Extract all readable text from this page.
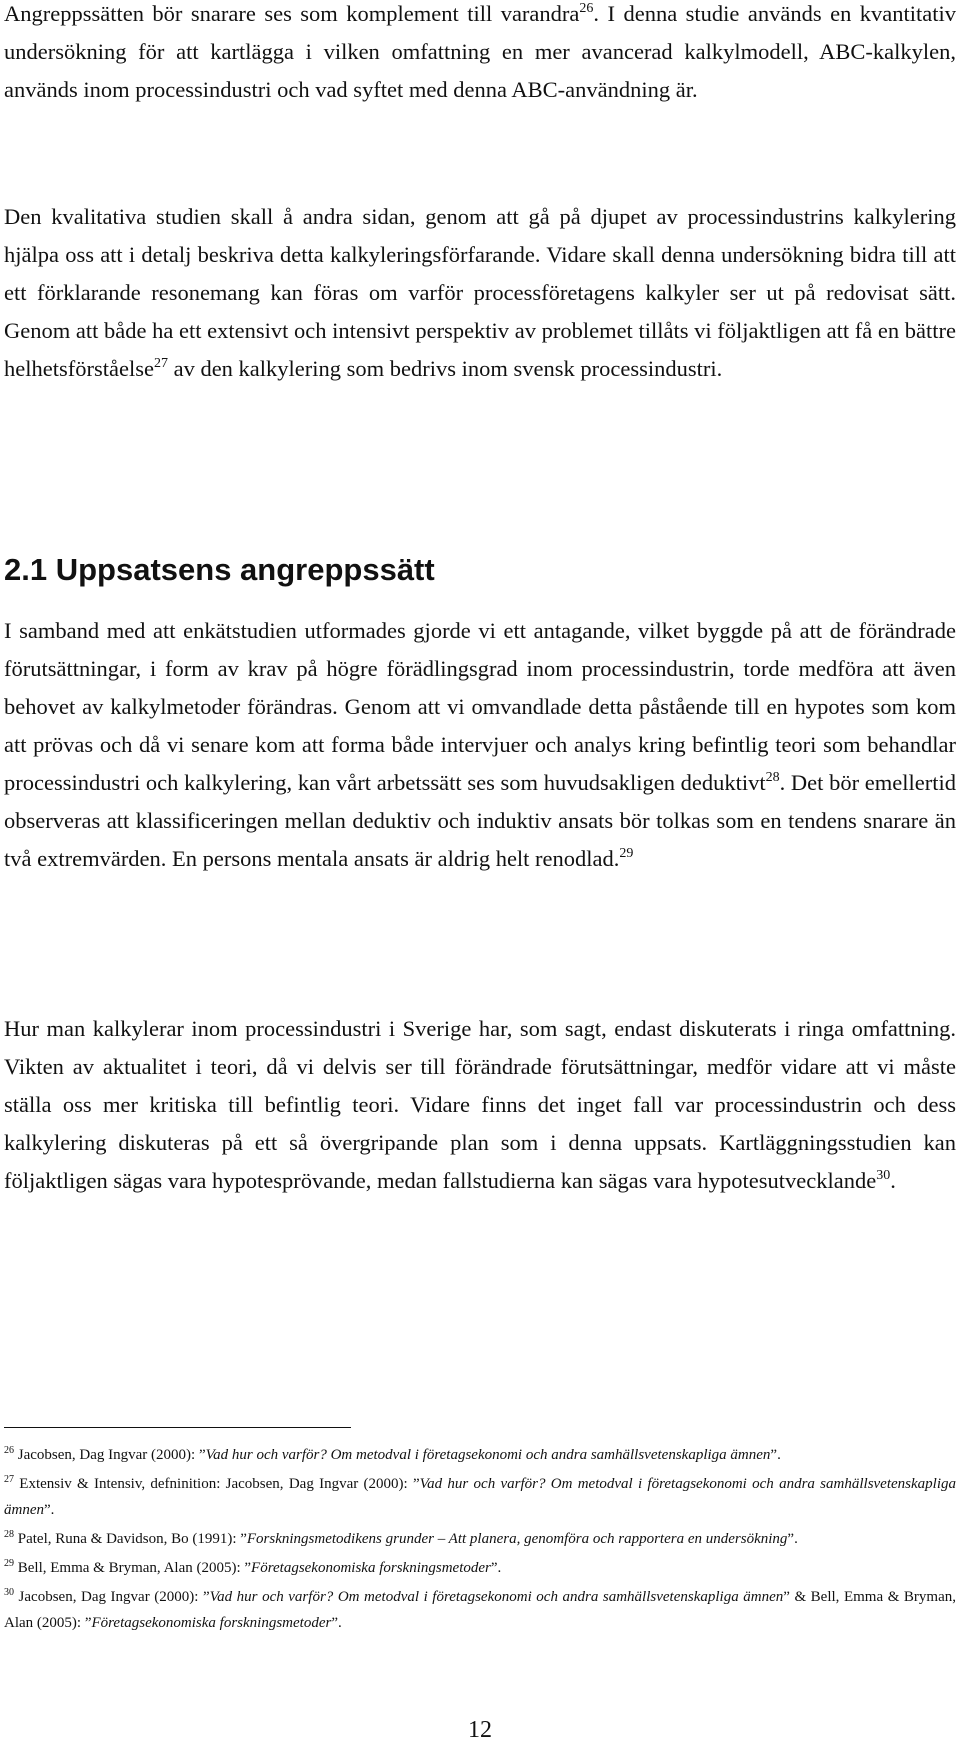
Angreppssätten bör snarare ses som komplement till varandra$^{26}$. I denna studie används en kvantitativ undersökning för att kartlägga i vilken omfattning en mer avancerad kalkylmodell, ABC-kalkylen, används inom processindustri och vad syftet med denna ABC-användning är.

Den kvalitativa studien skall å andra sidan, genom att gå på djupet av processindustrins kalkylering hjälpa oss att i detalj beskriva detta kalkyleringsförfarande. Vidare skall denna undersökning bidra till att ett förklarande resonemang kan föras om varför processföretagens kalkyler ser ut på redovisat sätt. Genom att både ha ett extensivt och intensivt perspektiv av problemet tillåts vi följaktligen att få en bättre helhetsförståelse$^{27}$ av den kalkylering som bedrivs inom svensk processindustri.

2.1 Uppsatsens angreppssätt

I samband med att enkätstudien utformades gjorde vi ett antagande, vilket byggde på att de förändrade förutsättningar, i form av krav på högre förädlingsgrad inom processindustrin, torde medföra att även behovet av kalkylmetoder förändras. Genom att vi omvandlade detta påstående till en hypotes som kom att prövas och då vi senare kom att forma både intervjuer och analys kring befintlig teori som behandlar processindustri och kalkylering, kan vårt arbetssätt ses som huvudsakligen deduktivt$^{28}$. Det bör emellertid observeras att klassificeringen mellan deduktiv och induktiv ansats bör tolkas som en tendens snarare än två extremvärden. En persons mentala ansats är aldrig helt renodlad.$^{29}$

Hur man kalkylerar inom processindustri i Sverige har, som sagt, endast diskuterats i ringa omfattning. Vikten av aktualitet i teori, då vi delvis ser till förändrade förutsättningar, medför vidare att vi måste ställa oss mer kritiska till befintlig teori. Vidare finns det inget fall var processindustrin och dess kalkylering diskuteras på ett så övergripande plan som i denna uppsats. Kartläggningsstudien kan följaktligen sägas vara hypotesprövande, medan fallstudierna kan sägas vara hypotesutvecklande$^{30}$.

$^{26}$ Jacobsen, Dag Ingvar (2000): ”Vad hur och varför? Om metodval i företagsekonomi och andra samhällsvetenskapliga ämnen”.

$^{27}$ Extensiv & Intensiv, defninition: Jacobsen, Dag Ingvar (2000): ”Vad hur och varför? Om metodval i företagsekonomi och andra samhällsvetenskapliga ämnen”.

$^{28}$ Patel, Runa & Davidson, Bo (1991): ”Forskningsmetodikens grunder – Att planera, genomföra och rapportera en undersökning”.

$^{29}$ Bell, Emma & Bryman, Alan (2005): ”Företagsekonomiska forskningsmetoder”.

$^{30}$ Jacobsen, Dag Ingvar (2000): ”Vad hur och varför? Om metodval i företagsekonomi och andra samhällsvetenskapliga ämnen” & Bell, Emma & Bryman, Alan (2005): ”Företagsekonomiska forskningsmetoder”.

12
